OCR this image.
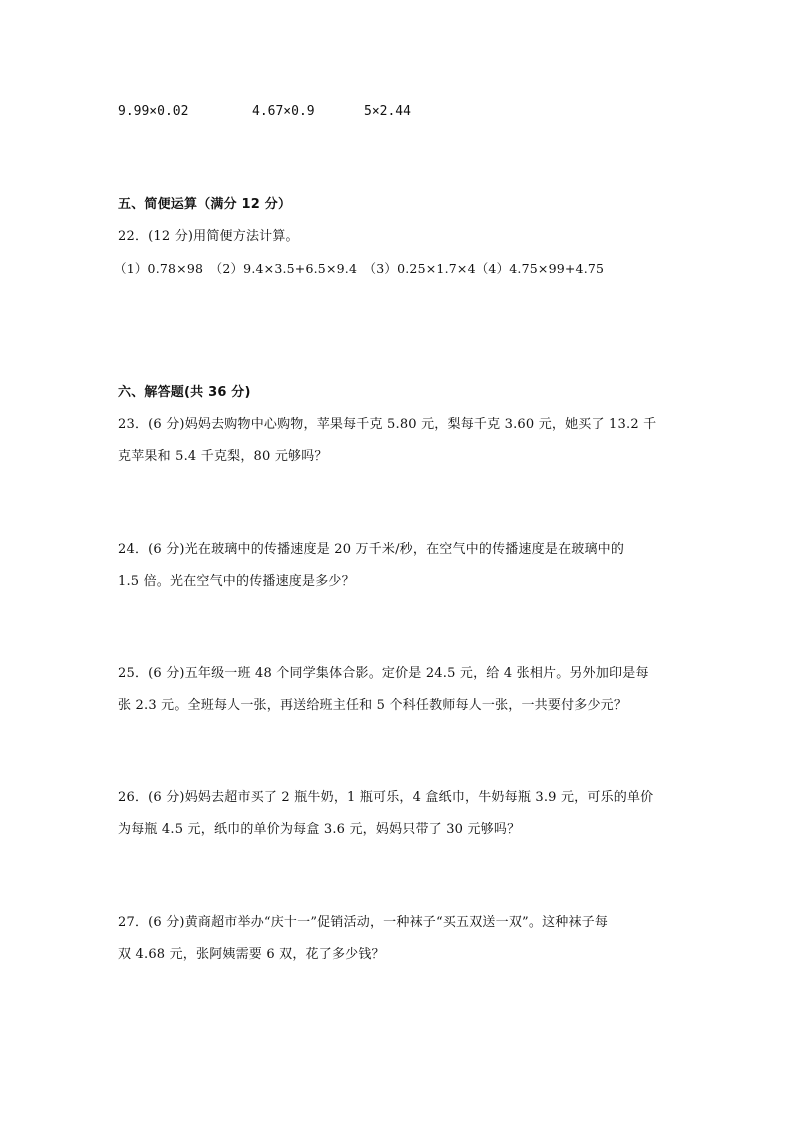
9.99×0.02	4.67×0.9	5×2.44
五、简便运算（满分 12 分）
22．(12 分)用简便方法计算。
（1）0.78×98　（2）9.4×3.5+6.5×9.4　（3）0.25×1.7×4（4）4.75×99+4.75
六、解答题(共 36 分)
23．(6 分)妈妈去购物中心购物，苹果每千克 5.80 元，梨每千克 3.60 元，她买了 13.2 千
克苹果和 5.4 千克梨，80 元够吗？
24．(6 分)光在玻璃中的传播速度是 20 万千米/秒，在空气中的传播速度是在玻璃中的
1.5 倍。光在空气中的传播速度是多少？
25．(6 分)五年级一班 48 个同学集体合影。定价是 24.5 元，给 4 张相片。另外加印是每
张 2.3 元。全班每人一张，再送给班主任和 5 个科任教师每人一张，一共要付多少元？
26．(6 分)妈妈去超市买了 2 瓶牛奶，1 瓶可乐，4 盒纸巾，牛奶每瓶 3.9 元，可乐的单价
为每瓶 4.5 元，纸巾的单价为每盒 3.6 元，妈妈只带了 30 元够吗？
27．(6 分)黄商超市举办“庆十一”促销活动，一种袜子“买五双送一双”。这种袜子每
双 4.68 元，张阿姨需要 6 双，花了多少钱？
